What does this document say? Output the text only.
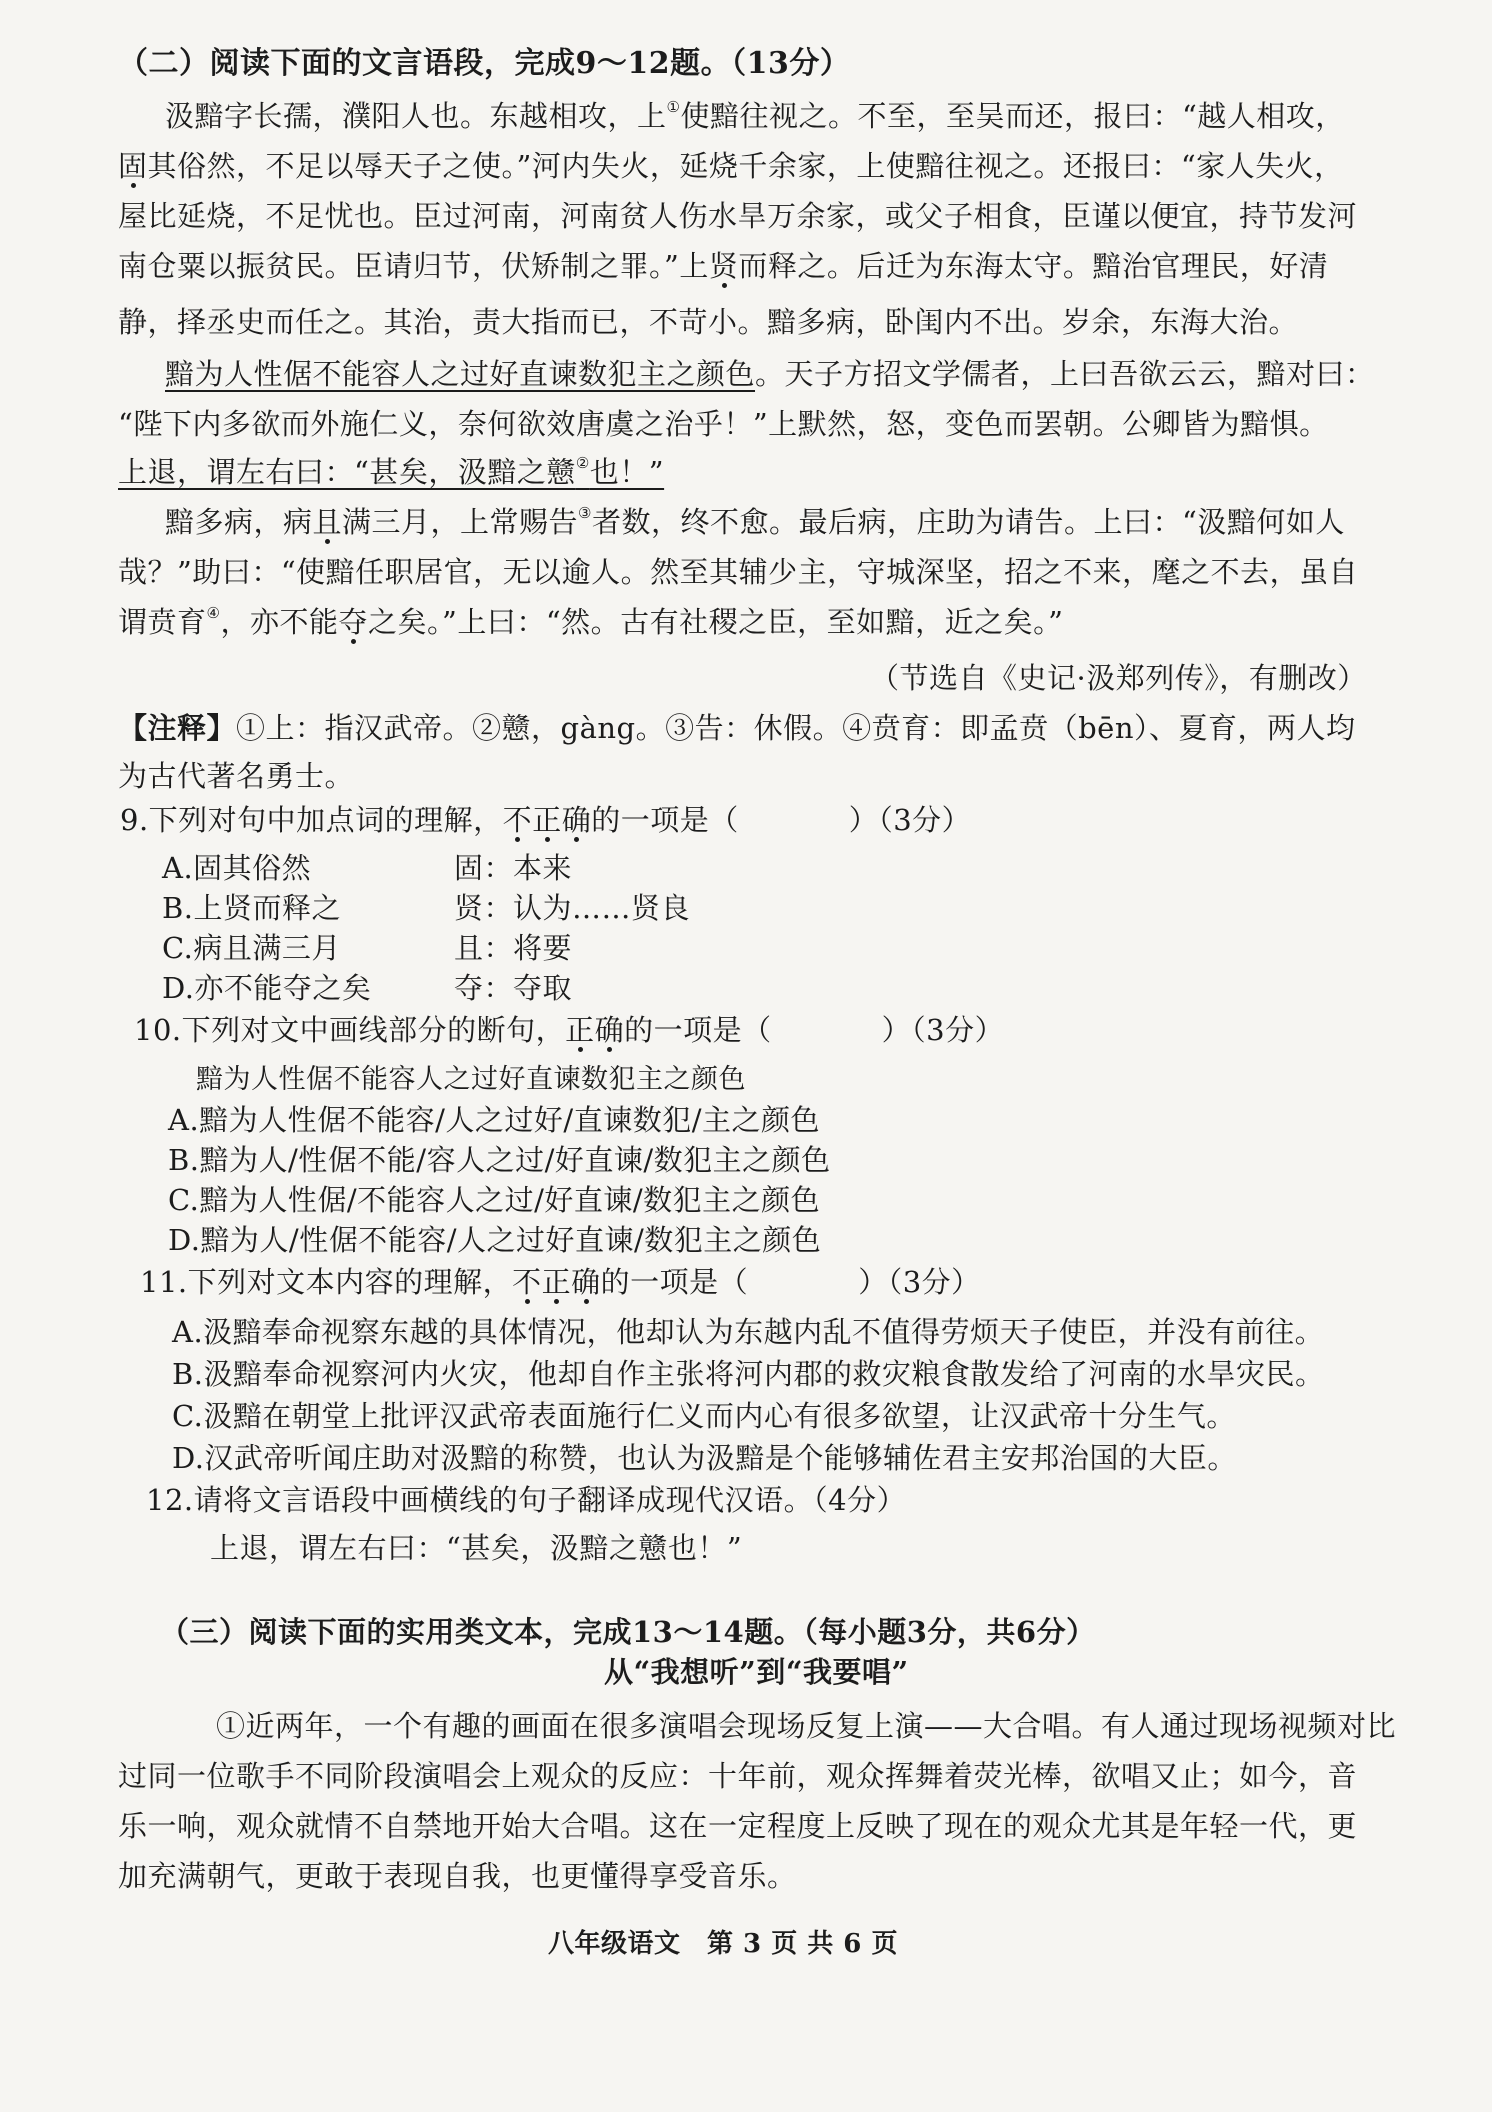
（二）阅读下面的文言语段，完成9～12题。（13分）
汲黯字长孺，濮阳人也。东越相攻，上①使黯往视之。不至，至吴而还，报曰：“越人相攻，
固其俗然，不足以辱天子之使。”河内失火，延烧千余家，上使黯往视之。还报曰：“家人失火，
屋比延烧，不足忧也。臣过河南，河南贫人伤水旱万余家，或父子相食，臣谨以便宜，持节发河
南仓粟以振贫民。臣请归节，伏矫制之罪。”上贤而释之。后迁为东海太守。黯治官理民，好清
静，择丞史而任之。其治，责大指而已，不苛小。黯多病，卧闺内不出。岁余，东海大治。
黯为人性倨不能容人之过好直谏数犯主之颜色。天子方招文学儒者，上曰吾欲云云，黯对曰：
“陛下内多欲而外施仁义，奈何欲效唐虞之治乎！”上默然，怒，变色而罢朝。公卿皆为黯惧。
上退，谓左右曰：“甚矣，汲黯之戆②也！”
黯多病，病且满三月，上常赐告③者数，终不愈。最后病，庄助为请告。上曰：“汲黯何如人
哉？”助曰：“使黯任职居官，无以逾人。然至其辅少主，守城深坚，招之不来，麾之不去，虽自
谓贲育④，亦不能夺之矣。”上曰：“然。古有社稷之臣，至如黯，近之矣。”
（节选自《史记·汲郑列传》，有删改）
【注释】①上：指汉武帝。②戆，gàng。③告：休假。④贲育：即孟贲（bēn）、夏育，两人均
为古代著名勇士。
9.下列对句中加点词的理解，不正确的一项是（	）（3分）
A.固其俗然	固：本来
B.上贤而释之	贤：认为……贤良
C.病且满三月	且：将要
D.亦不能夺之矣	夺：夺取
10.下列对文中画线部分的断句，正确的一项是（	）（3分）
黯为人性倨不能容人之过好直谏数犯主之颜色
A.黯为人性倨不能容/人之过好/直谏数犯/主之颜色
B.黯为人/性倨不能/容人之过/好直谏/数犯主之颜色
C.黯为人性倨/不能容人之过/好直谏/数犯主之颜色
D.黯为人/性倨不能容/人之过好直谏/数犯主之颜色
11.下列对文本内容的理解，不正确的一项是（	）（3分）
A.汲黯奉命视察东越的具体情况，他却认为东越内乱不值得劳烦天子使臣，并没有前往。
B.汲黯奉命视察河内火灾，他却自作主张将河内郡的救灾粮食散发给了河南的水旱灾民。
C.汲黯在朝堂上批评汉武帝表面施行仁义而内心有很多欲望，让汉武帝十分生气。
D.汉武帝听闻庄助对汲黯的称赞，也认为汲黯是个能够辅佐君主安邦治国的大臣。
12.请将文言语段中画横线的句子翻译成现代汉语。（4分）
上退，谓左右曰：“甚矣，汲黯之戆也！”
（三）阅读下面的实用类文本，完成13～14题。（每小题3分，共6分）
从“我想听”到“我要唱”
①近两年，一个有趣的画面在很多演唱会现场反复上演——大合唱。有人通过现场视频对比
过同一位歌手不同阶段演唱会上观众的反应：十年前，观众挥舞着荧光棒，欲唱又止；如今，音
乐一响，观众就情不自禁地开始大合唱。这在一定程度上反映了现在的观众尤其是年轻一代，更
加充满朝气，更敢于表现自我，也更懂得享受音乐。
八年级语文　第 3 页 共 6 页
